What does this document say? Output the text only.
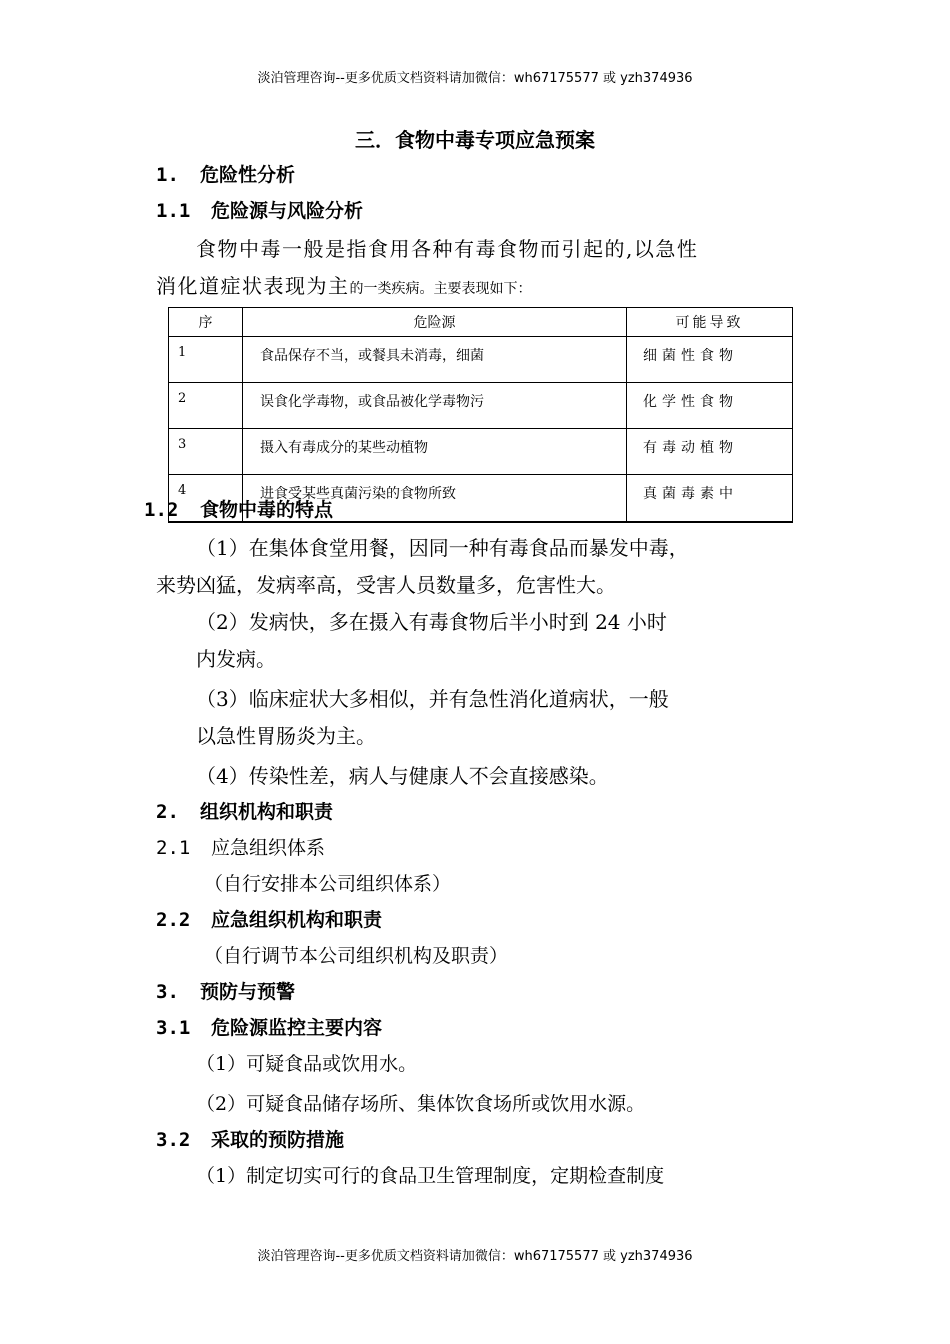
淡泊管理咨询--更多优质文档资料请加微信：wh67175577 或 yzh374936
三．食物中毒专项应急预案
1. 危险性分析
1.1 危险源与风险分析
食物中毒一般是指食用各种有毒食物而引起的,以急性
消化道症状表现为主的一类疾病。主要表现如下：
序	危险源	可能导致
1	食品保存不当，或餐具未消毒，细菌	细菌性食物
2	误食化学毒物，或食品被化学毒物污	化学性食物
3	摄入有毒成分的某些动植物	有毒动植物
4	进食受某些真菌污染的食物所致	真菌毒素中
1.2 食物中毒的特点
（1）在集体食堂用餐，因同一种有毒食品而暴发中毒，
来势凶猛，发病率高，受害人员数量多，危害性大。
（2）发病快，多在摄入有毒食物后半小时到 24 小时
内发病。
（3）临床症状大多相似，并有急性消化道病状，一般
以急性胃肠炎为主。
（4）传染性差，病人与健康人不会直接感染。
2. 组织机构和职责
2.1 应急组织体系
（自行安排本公司组织体系）
2.2 应急组织机构和职责
（自行调节本公司组织机构及职责）
3. 预防与预警
3.1 危险源监控主要内容
（1）可疑食品或饮用水。
（2）可疑食品储存场所、集体饮食场所或饮用水源。
3.2 采取的预防措施
（1）制定切实可行的食品卫生管理制度，定期检查制度
淡泊管理咨询--更多优质文档资料请加微信：wh67175577 或 yzh374936
